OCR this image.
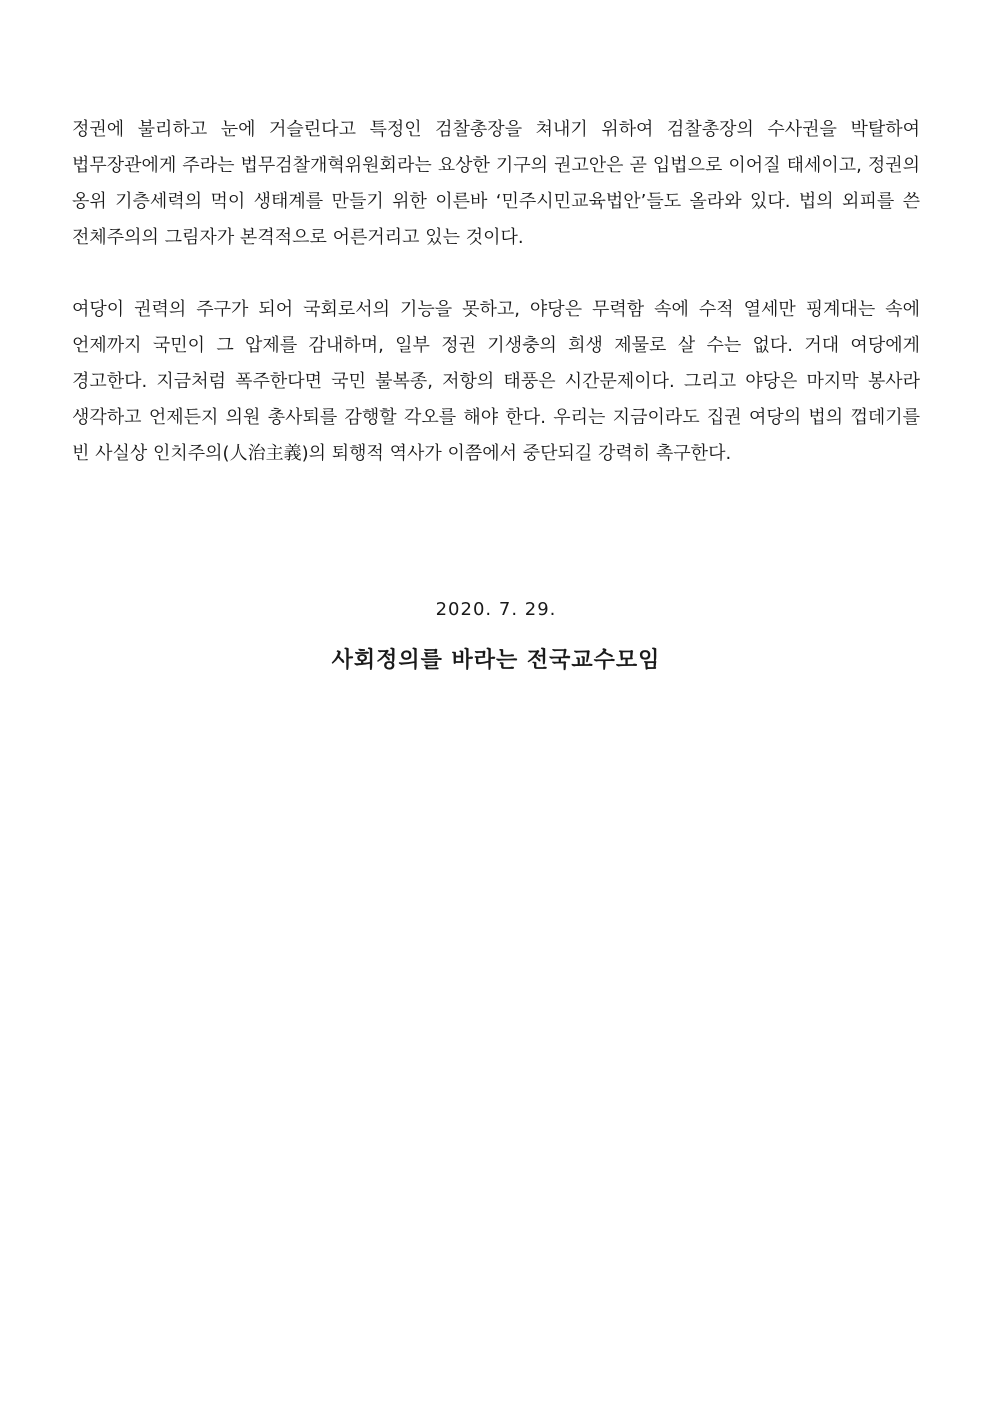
정권에 불리하고 눈에 거슬린다고 특정인 검찰총장을 쳐내기 위하여 검찰총장의 수사권을 박탈하여 법무장관에게 주라는 법무검찰개혁위원회라는 요상한 기구의 권고안은 곧 입법으로 이어질 태세이고, 정권의 옹위 기층세력의 먹이 생태계를 만들기 위한 이른바 ‘민주시민교육법안’들도 올라와 있다. 법의 외피를 쓴 전체주의의 그림자가 본격적으로 어른거리고 있는 것이다.

여당이 권력의 주구가 되어 국회로서의 기능을 못하고, 야당은 무력함 속에 수적 열세만 핑계대는 속에 언제까지 국민이 그 압제를 감내하며, 일부 정권 기생충의 희생 제물로 살 수는 없다. 거대 여당에게 경고한다. 지금처럼 폭주한다면 국민 불복종, 저항의 태풍은 시간문제이다. 그리고 야당은 마지막 봉사라 생각하고 언제든지 의원 총사퇴를 감행할 각오를 해야 한다. 우리는 지금이라도 집권 여당의 법의 껍데기를 빈 사실상 인치주의(人治主義)의 퇴행적 역사가 이쯤에서 중단되길 강력히 촉구한다.

2020. 7. 29.
사회정의를 바라는 전국교수모임
